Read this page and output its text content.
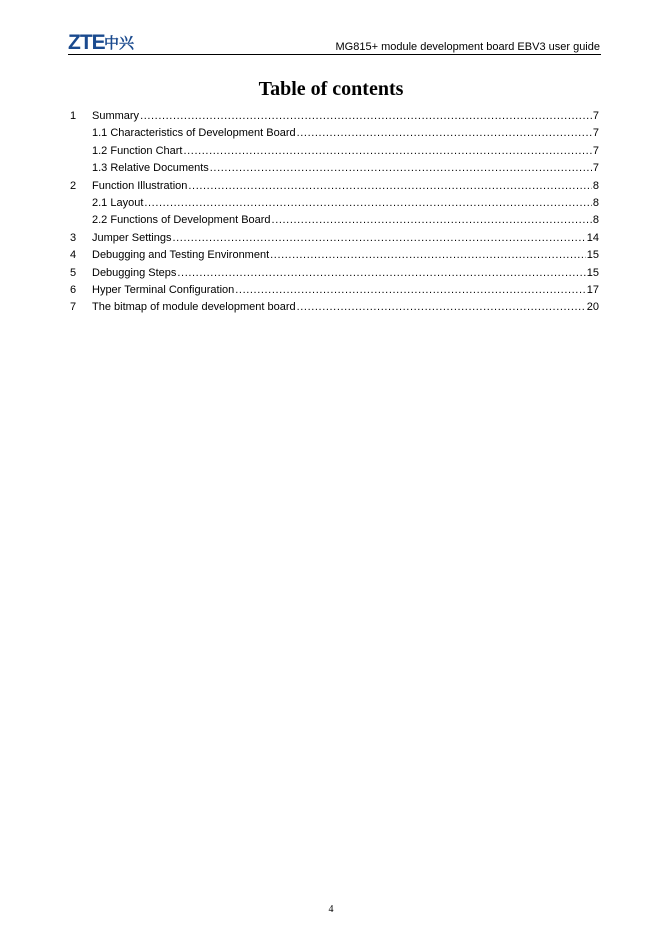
ZTE 中兴	MG815+ module development board EBV3 user guide
Table of contents
1 Summary .....	7
1.1 Characteristics of Development Board .....	7
1.2 Function Chart .....	7
1.3 Relative Documents .....	7
2 Function Illustration .....	8
2.1 Layout .....	8
2.2 Functions of Development Board .....	8
3 Jumper Settings .....	14
4 Debugging and Testing Environment .....	15
5 Debugging Steps .....	15
6 Hyper Terminal Configuration .....	17
7 The bitmap of module development board .....	20
4
